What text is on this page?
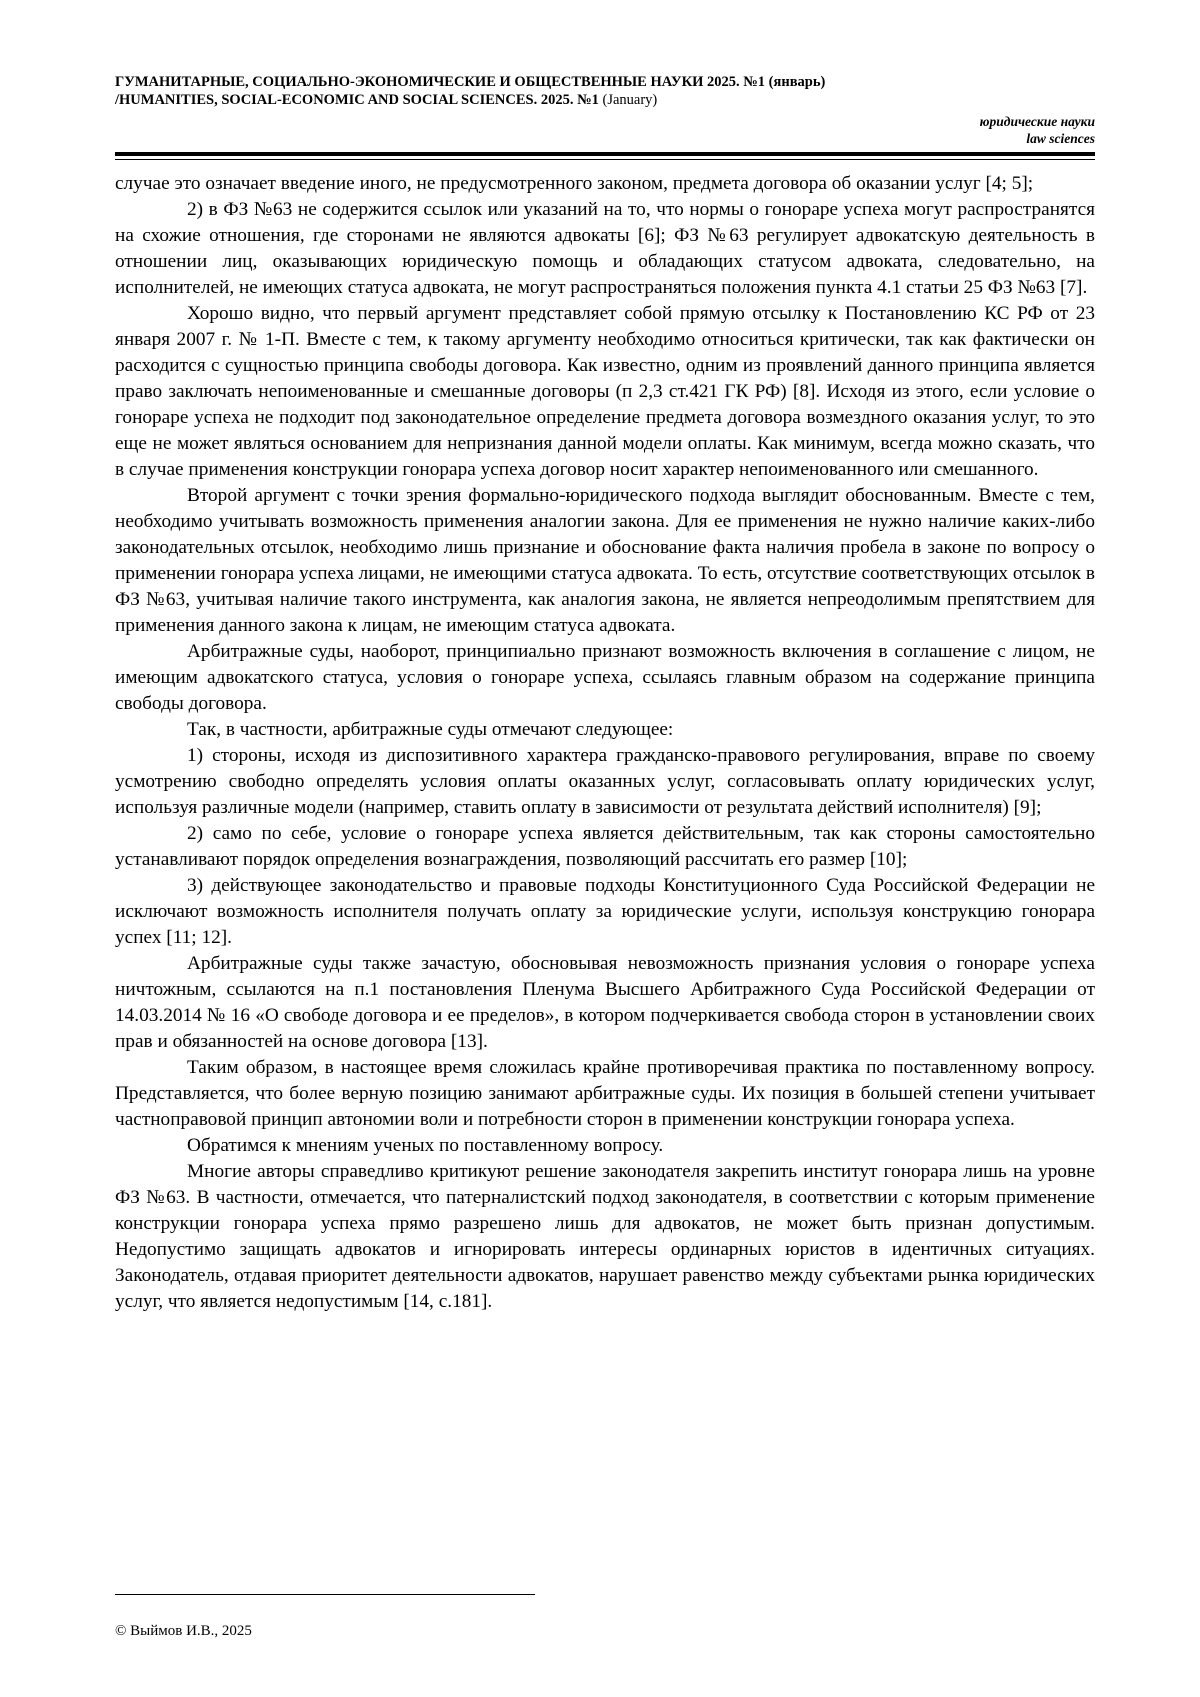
ГУМАНИТАРНЫЕ, СОЦИАЛЬНО-ЭКОНОМИЧЕСКИЕ И ОБЩЕСТВЕННЫЕ НАУКИ 2025. №1 (январь)
/HUMANITIES, SOCIAL-ECONOMIC AND SOCIAL SCIENCES. 2025. №1 (January)
юридические науки
law sciences

случае это означает введение иного, не предусмотренного законом, предмета договора об оказании услуг [4; 5];

2) в ФЗ №63 не содержится ссылок или указаний на то, что нормы о гонораре успеха могут распространятся на схожие отношения, где сторонами не являются адвокаты [6]; ФЗ №63 регулирует адвокатскую деятельность в отношении лиц, оказывающих юридическую помощь и обладающих статусом адвоката, следовательно, на исполнителей, не имеющих статуса адвоката, не могут распространяться положения пункта 4.1 статьи 25 ФЗ №63 [7].

Хорошо видно, что первый аргумент представляет собой прямую отсылку к Постановлению КС РФ от 23 января 2007 г. № 1-П. Вместе с тем, к такому аргументу необходимо относиться критически, так как фактически он расходится с сущностью принципа свободы договора. Как известно, одним из проявлений данного принципа является право заключать непоименованные и смешанные договоры (п 2,3 ст.421 ГК РФ) [8]. Исходя из этого, если условие о гонораре успеха не подходит под законодательное определение предмета договора возмездного оказания услуг, то это еще не может являться основанием для непризнания данной модели оплаты. Как минимум, всегда можно сказать, что в случае применения конструкции гонорара успеха договор носит характер непоименованного или смешанного.

Второй аргумент с точки зрения формально-юридического подхода выглядит обоснованным. Вместе с тем, необходимо учитывать возможность применения аналогии закона. Для ее применения не нужно наличие каких-либо законодательных отсылок, необходимо лишь признание и обоснование факта наличия пробела в законе по вопросу о применении гонорара успеха лицами, не имеющими статуса адвоката. То есть, отсутствие соответствующих отсылок в ФЗ №63, учитывая наличие такого инструмента, как аналогия закона, не является непреодолимым препятствием для применения данного закона к лицам, не имеющим статуса адвоката.

Арбитражные суды, наоборот, принципиально признают возможность включения в соглашение с лицом, не имеющим адвокатского статуса, условия о гонораре успеха, ссылаясь главным образом на содержание принципа свободы договора.

Так, в частности, арбитражные суды отмечают следующее:

1) стороны, исходя из диспозитивного характера гражданско-правового регулирования, вправе по своему усмотрению свободно определять условия оплаты оказанных услуг, согласовывать оплату юридических услуг, используя различные модели (например, ставить оплату в зависимости от результата действий исполнителя) [9];

2) само по себе, условие о гонораре успеха является действительным, так как стороны самостоятельно устанавливают порядок определения вознаграждения, позволяющий рассчитать его размер [10];

3) действующее законодательство и правовые подходы Конституционного Суда Российской Федерации не исключают возможность исполнителя получать оплату за юридические услуги, используя конструкцию гонорара успех [11; 12].

Арбитражные суды также зачастую, обосновывая невозможность признания условия о гонораре успеха ничтожным, ссылаются на п.1 постановления Пленума Высшего Арбитражного Суда Российской Федерации от 14.03.2014 № 16 «О свободе договора и ее пределов», в котором подчеркивается свобода сторон в установлении своих прав и обязанностей на основе договора [13].

Таким образом, в настоящее время сложилась крайне противоречивая практика по поставленному вопросу. Представляется, что более верную позицию занимают арбитражные суды. Их позиция в большей степени учитывает частноправовой принцип автономии воли и потребности сторон в применении конструкции гонорара успеха.

Обратимся к мнениям ученых по поставленному вопросу.

Многие авторы справедливо критикуют решение законодателя закрепить институт гонорара лишь на уровне ФЗ №63. В частности, отмечается, что патерналистский подход законодателя, в соответствии с которым применение конструкции гонорара успеха прямо разрешено лишь для адвокатов, не может быть признан допустимым. Недопустимо защищать адвокатов и игнорировать интересы ординарных юристов в идентичных ситуациях. Законодатель, отдавая приоритет деятельности адвокатов, нарушает равенство между субъектами рынка юридических услуг, что является недопустимым [14, с.181].

© Выймов И.В., 2025
